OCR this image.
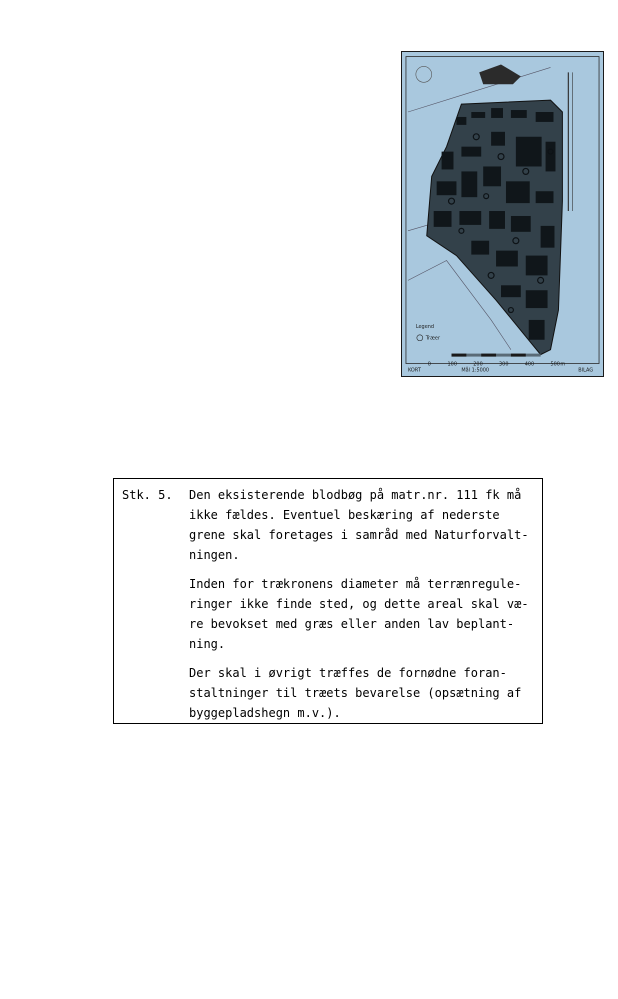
Legend
Træer
0	100	200	300	400	500 m
KORT	Mål 1:5000	BILAG
Stk. 5. Den eksisterende blodbøg på matr.nr. 111 fk må
ikke fældes. Eventuel beskæring af nederste
grene skal foretages i samråd med Naturforvalt-
ningen.
Inden for trækronens diameter må terrænregule-
ringer ikke finde sted, og dette areal skal væ-
re bevokset med græs eller anden lav beplant-
ning.
Der skal i øvrigt træffes de fornødne foran-
staltninger til træets bevarelse (opsætning af
byggepladshegn m.v.).
